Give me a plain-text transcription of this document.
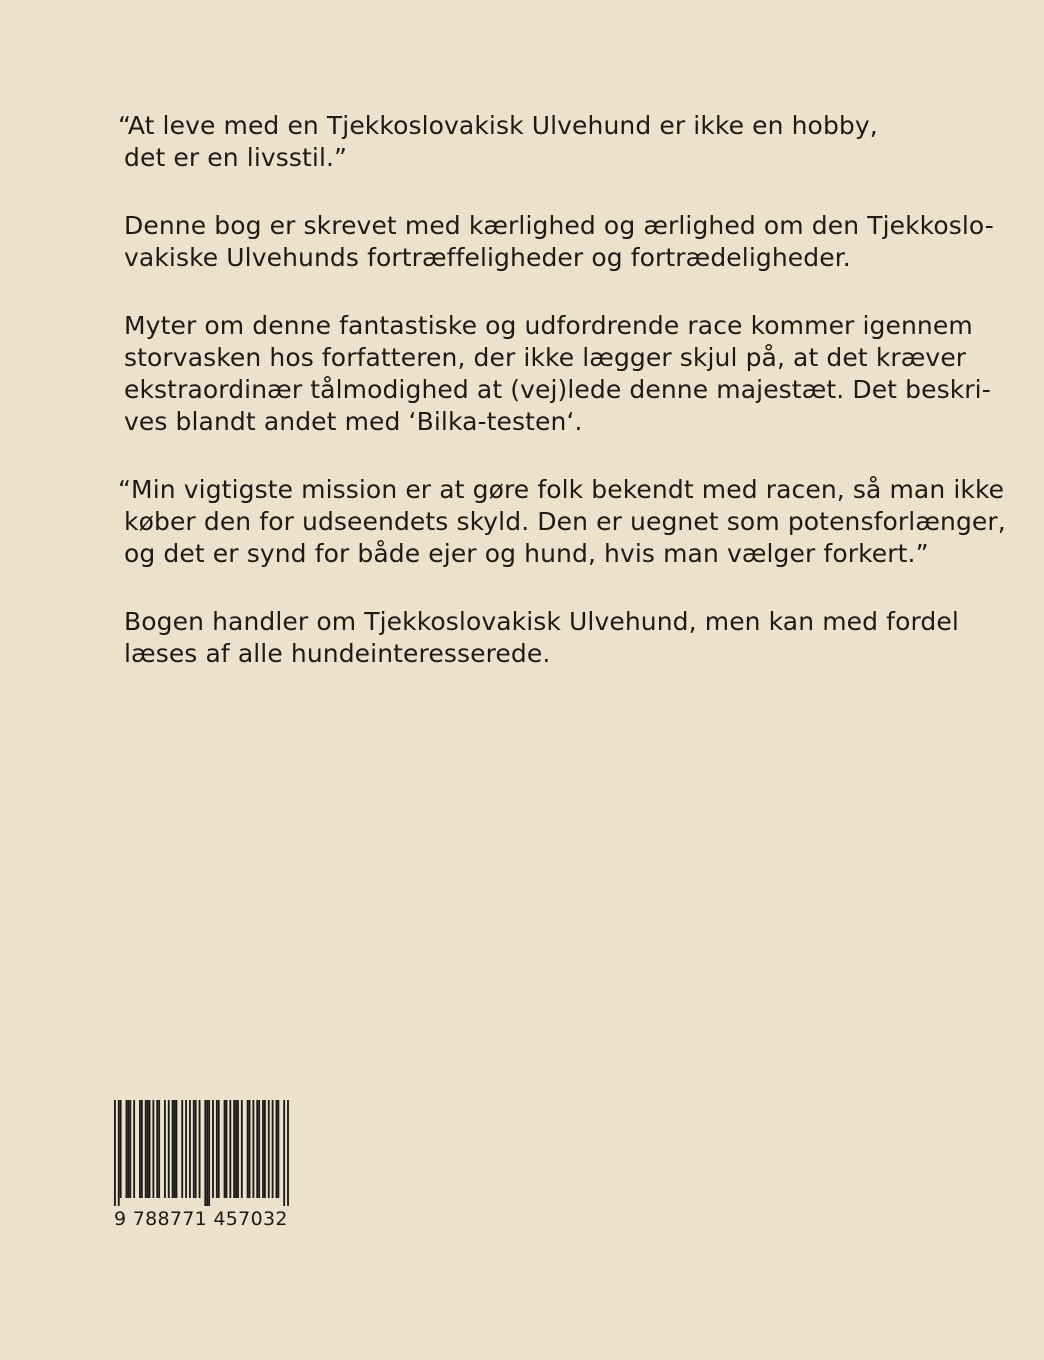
“At leve med en Tjekkoslovakisk Ulvehund er ikke en hobby,
det er en livsstil.”

Denne bog er skrevet med kærlighed og ærlighed om den Tjekkoslo-
vakiske Ulvehunds fortræffeligheder og fortrædeligheder.

Myter om denne fantastiske og udfordrende race kommer igennem
storvasken hos forfatteren, der ikke lægger skjul på, at det kræver
ekstraordinær tålmodighed at (vej)lede denne majestæt. Det beskri-
ves blandt andet med ‘Bilka-testen‘.

“Min vigtigste mission er at gøre folk bekendt med racen, så man ikke
køber den for udseendets skyld. Den er uegnet som potensforlænger,
og det er synd for både ejer og hund, hvis man vælger forkert.”

Bogen handler om Tjekkoslovakisk Ulvehund, men kan med fordel
læses af alle hundeinteresserede.

9 788771 457032
